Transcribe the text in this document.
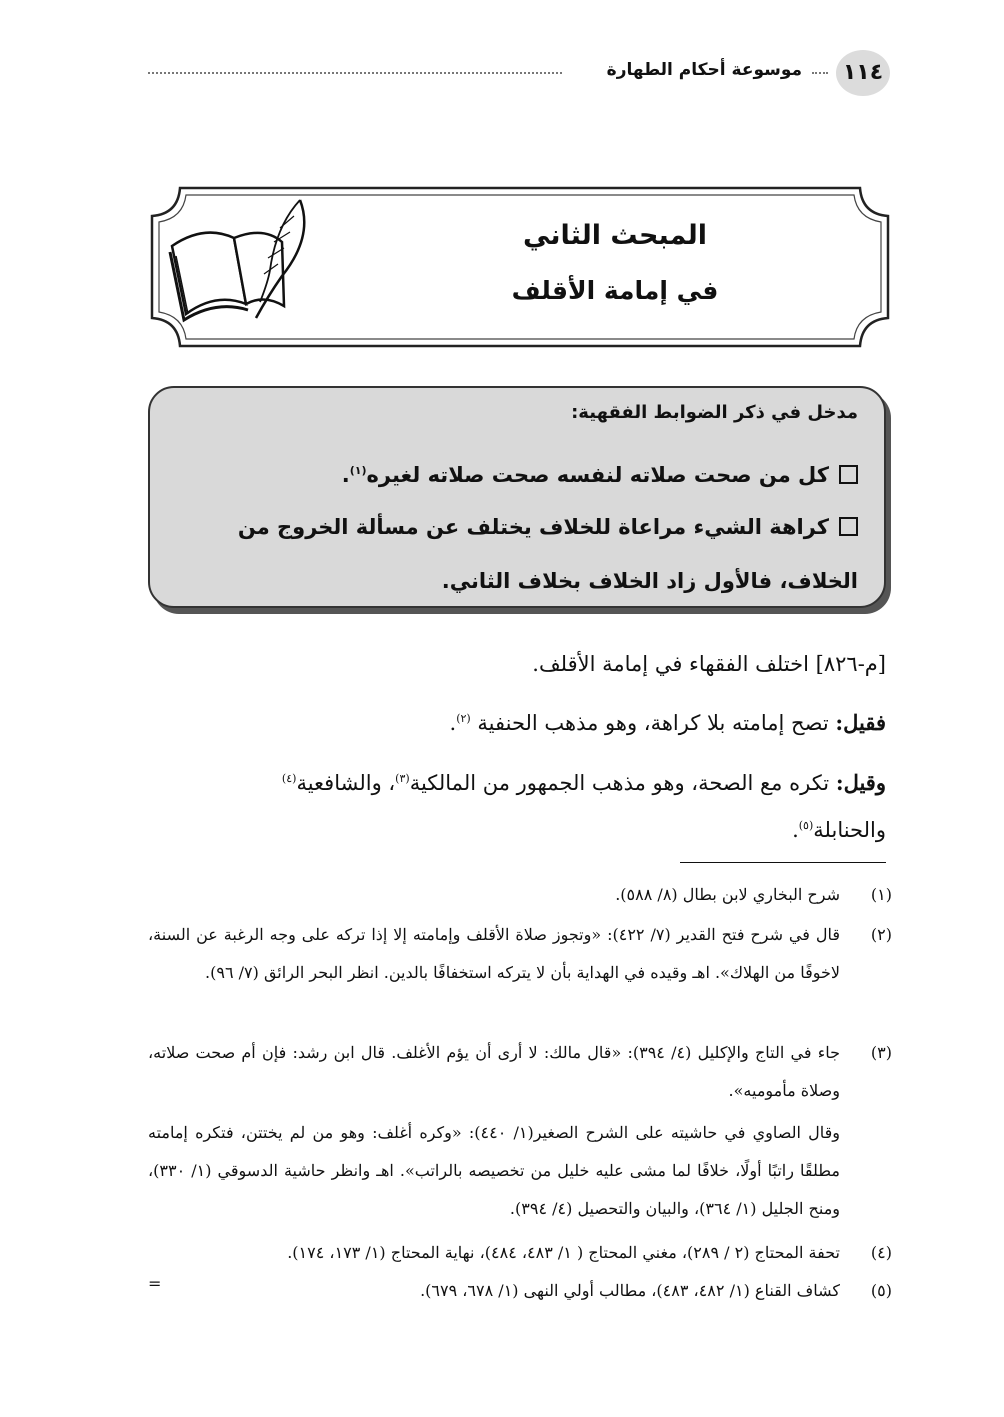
موسوعة أحكام الطهارة	١١٤
المبحث الثاني
في إمامة الأقلف
مدخل في ذكر الضوابط الفقهية:
كل من صحت صلاته لنفسه صحت صلاته لغيره$^{(١)}$.
كراهة الشيء مراعاة للخلاف يختلف عن مسألة الخروج من الخلاف، فالأول زاد الخلاف بخلاف الثاني.
[م-٨٢٦] اختلف الفقهاء في إمامة الأقلف.
فقيل: تصح إمامته بلا كراهة، وهو مذهب الحنفية $^{(٢)}$.
وقيل: تكره مع الصحة، وهو مذهب الجمهور من المالكية$^{(٣)}$، والشافعية$^{(٤)}$
والحنابلة$^{(٥)}$.
(١)
شرح البخاري لابن بطال (٨/ ٥٨٨).
(٢)
قال في شرح فتح القدير (٧/ ٤٢٢): «وتجوز صلاة الأقلف وإمامته إلا إذا تركه على وجه الرغبة عن السنة، لاخوفًا من الهلاك». اهـ وقيده في الهداية بأن لا يتركه استخفافًا بالدين. انظر البحر الرائق (٧/ ٩٦).
(٣)
جاء في التاج والإكليل (٤/ ٣٩٤): «قال مالك: لا أرى أن يؤم الأغلف. قال ابن رشد: فإن أم صحت صلاته، وصلاة مأموميه».
وقال الصاوي في حاشيته على الشرح الصغير(١/ ٤٤٠): «وكره أغلف: وهو من لم يختتن، فتكره إمامته مطلقًا راتبًا أولًا، خلافًا لما مشى عليه خليل من تخصيصه بالراتب». اهـ وانظر حاشية الدسوقي (١/ ٣٣٠)، ومنح الجليل (١/ ٣٦٤)، والبيان والتحصيل (٤/ ٣٩٤).
(٤)
تحفة المحتاج (٢ / ٢٨٩)، مغني المحتاج ( ١/ ٤٨٣، ٤٨٤)، نهاية المحتاج (١/ ١٧٣، ١٧٤).
(٥)
كشاف القناع (١/ ٤٨٢، ٤٨٣)، مطالب أولي النهى (١/ ٦٧٨، ٦٧٩).
=
